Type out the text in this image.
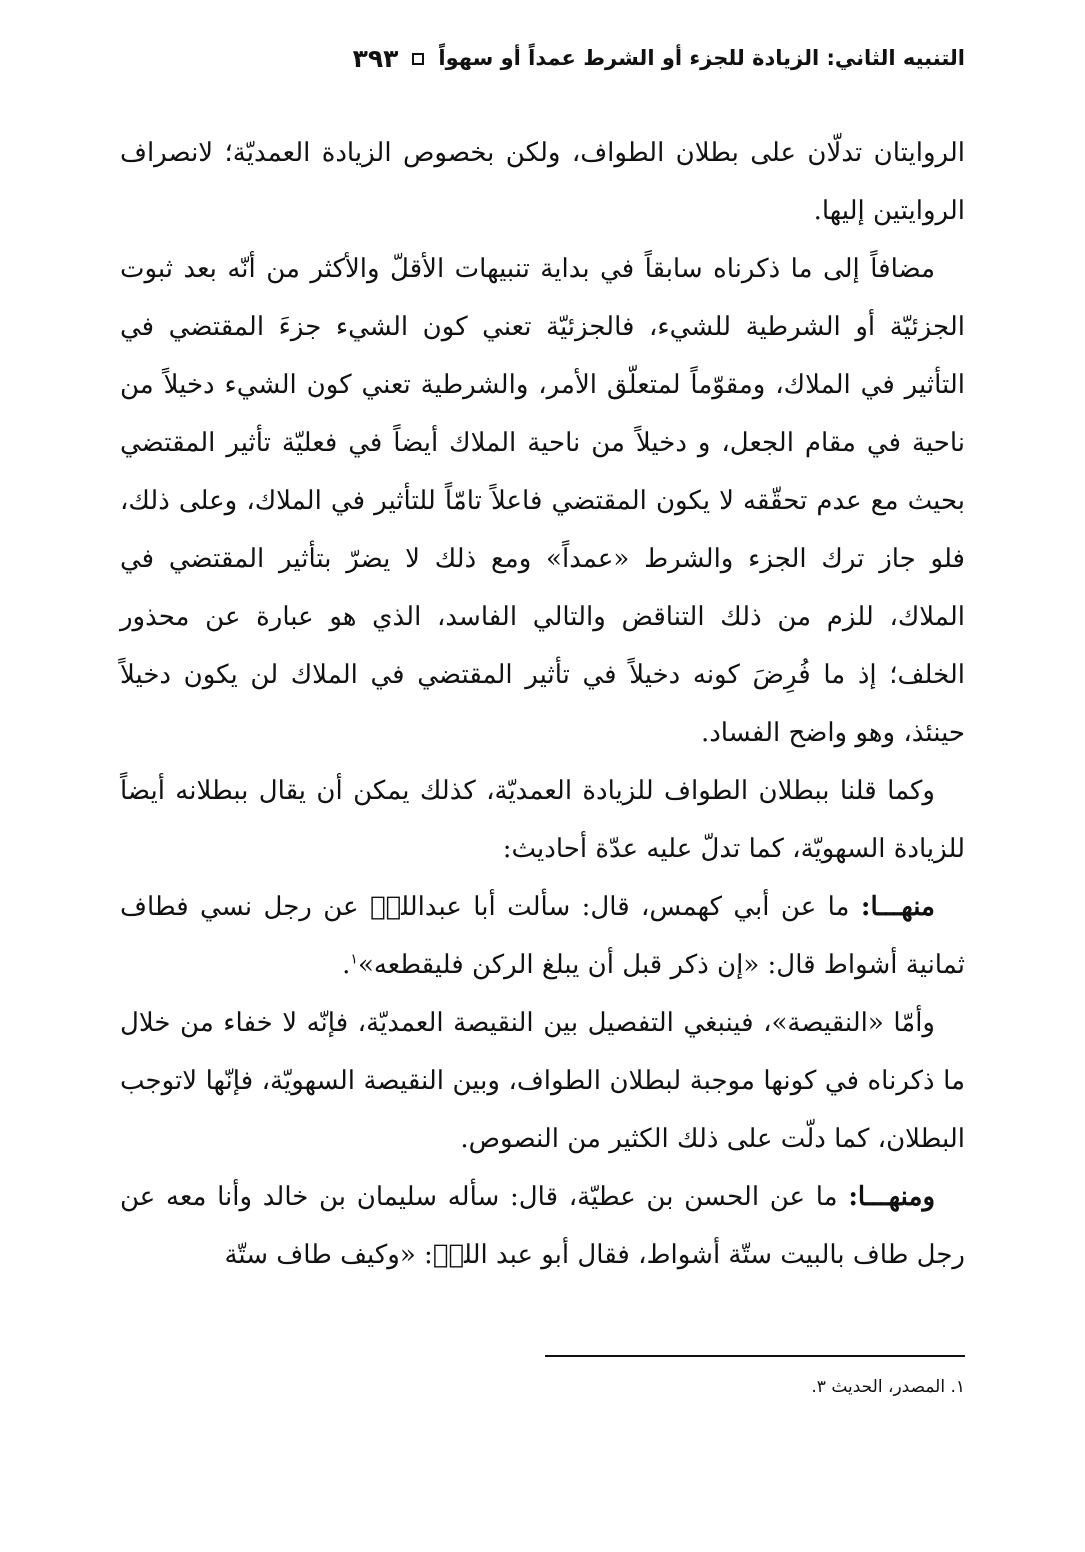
التنبيه الثاني: الزيادة للجزء أو الشرط عمداً أو سهواً
٣٩٣

الروايتان تدلّان على بطلان الطواف، ولكن بخصوص الزيادة العمديّة؛ لانصراف الروايتين إليها.

مضافاً إلى ما ذكرناه سابقاً في بداية تنبيهات الأقلّ والأكثر من أنّه بعد ثبوت الجزئيّة أو الشرطية للشيء، فالجزئيّة تعني كون الشيء جزءَ المقتضي في التأثير في الملاك، ومقوّماً لمتعلّق الأمر، والشرطية تعني كون الشيء دخيلاً من ناحية في مقام الجعل، و دخيلاً من ناحية الملاك أيضاً في فعليّة تأثير المقتضي بحيث مع عدم تحقّقه لا يكون المقتضي فاعلاً تامّاً للتأثير في الملاك، وعلى ذلك، فلو جاز ترك الجزء والشرط «عمداً» ومع ذلك لا يضرّ بتأثير المقتضي في الملاك، للزم من ذلك التناقض والتالي الفاسد، الذي هو عبارة عن محذور الخلف؛ إذ ما فُرِضَ كونه دخيلاً في تأثير المقتضي في الملاك لن يكون دخيلاً حينئذ، وهو واضح الفساد.

وكما قلنا ببطلان الطواف للزيادة العمديّة، كذلك يمكن أن يقال ببطلانه أيضاً للزيادة السهويّة، كما تدلّ عليه عدّة أحاديث:

منهـــا: ما عن أبي كهمس، قال: سألت أبا عبداللهؐ عن رجل نسي فطاف ثمانية أشواط قال: «إن ذكر قبل أن يبلغ الركن فليقطعه»$^١$.

وأمّا «النقيصة»، فينبغي التفصيل بين النقيصة العمديّة، فإنّه لا خفاء من خلال ما ذكرناه في كونها موجبة لبطلان الطواف، وبين النقيصة السهويّة، فإنّها لاتوجب البطلان، كما دلّت على ذلك الكثير من النصوص.

ومنهـــا: ما عن الحسن بن عطيّة، قال: سأله سليمان بن خالد وأنا معه عن رجل طاف بالبيت ستّة أشواط، فقال أبو عبد اللهؐ: «وكيف طاف ستّة

١. المصدر، الحديث ٣.
